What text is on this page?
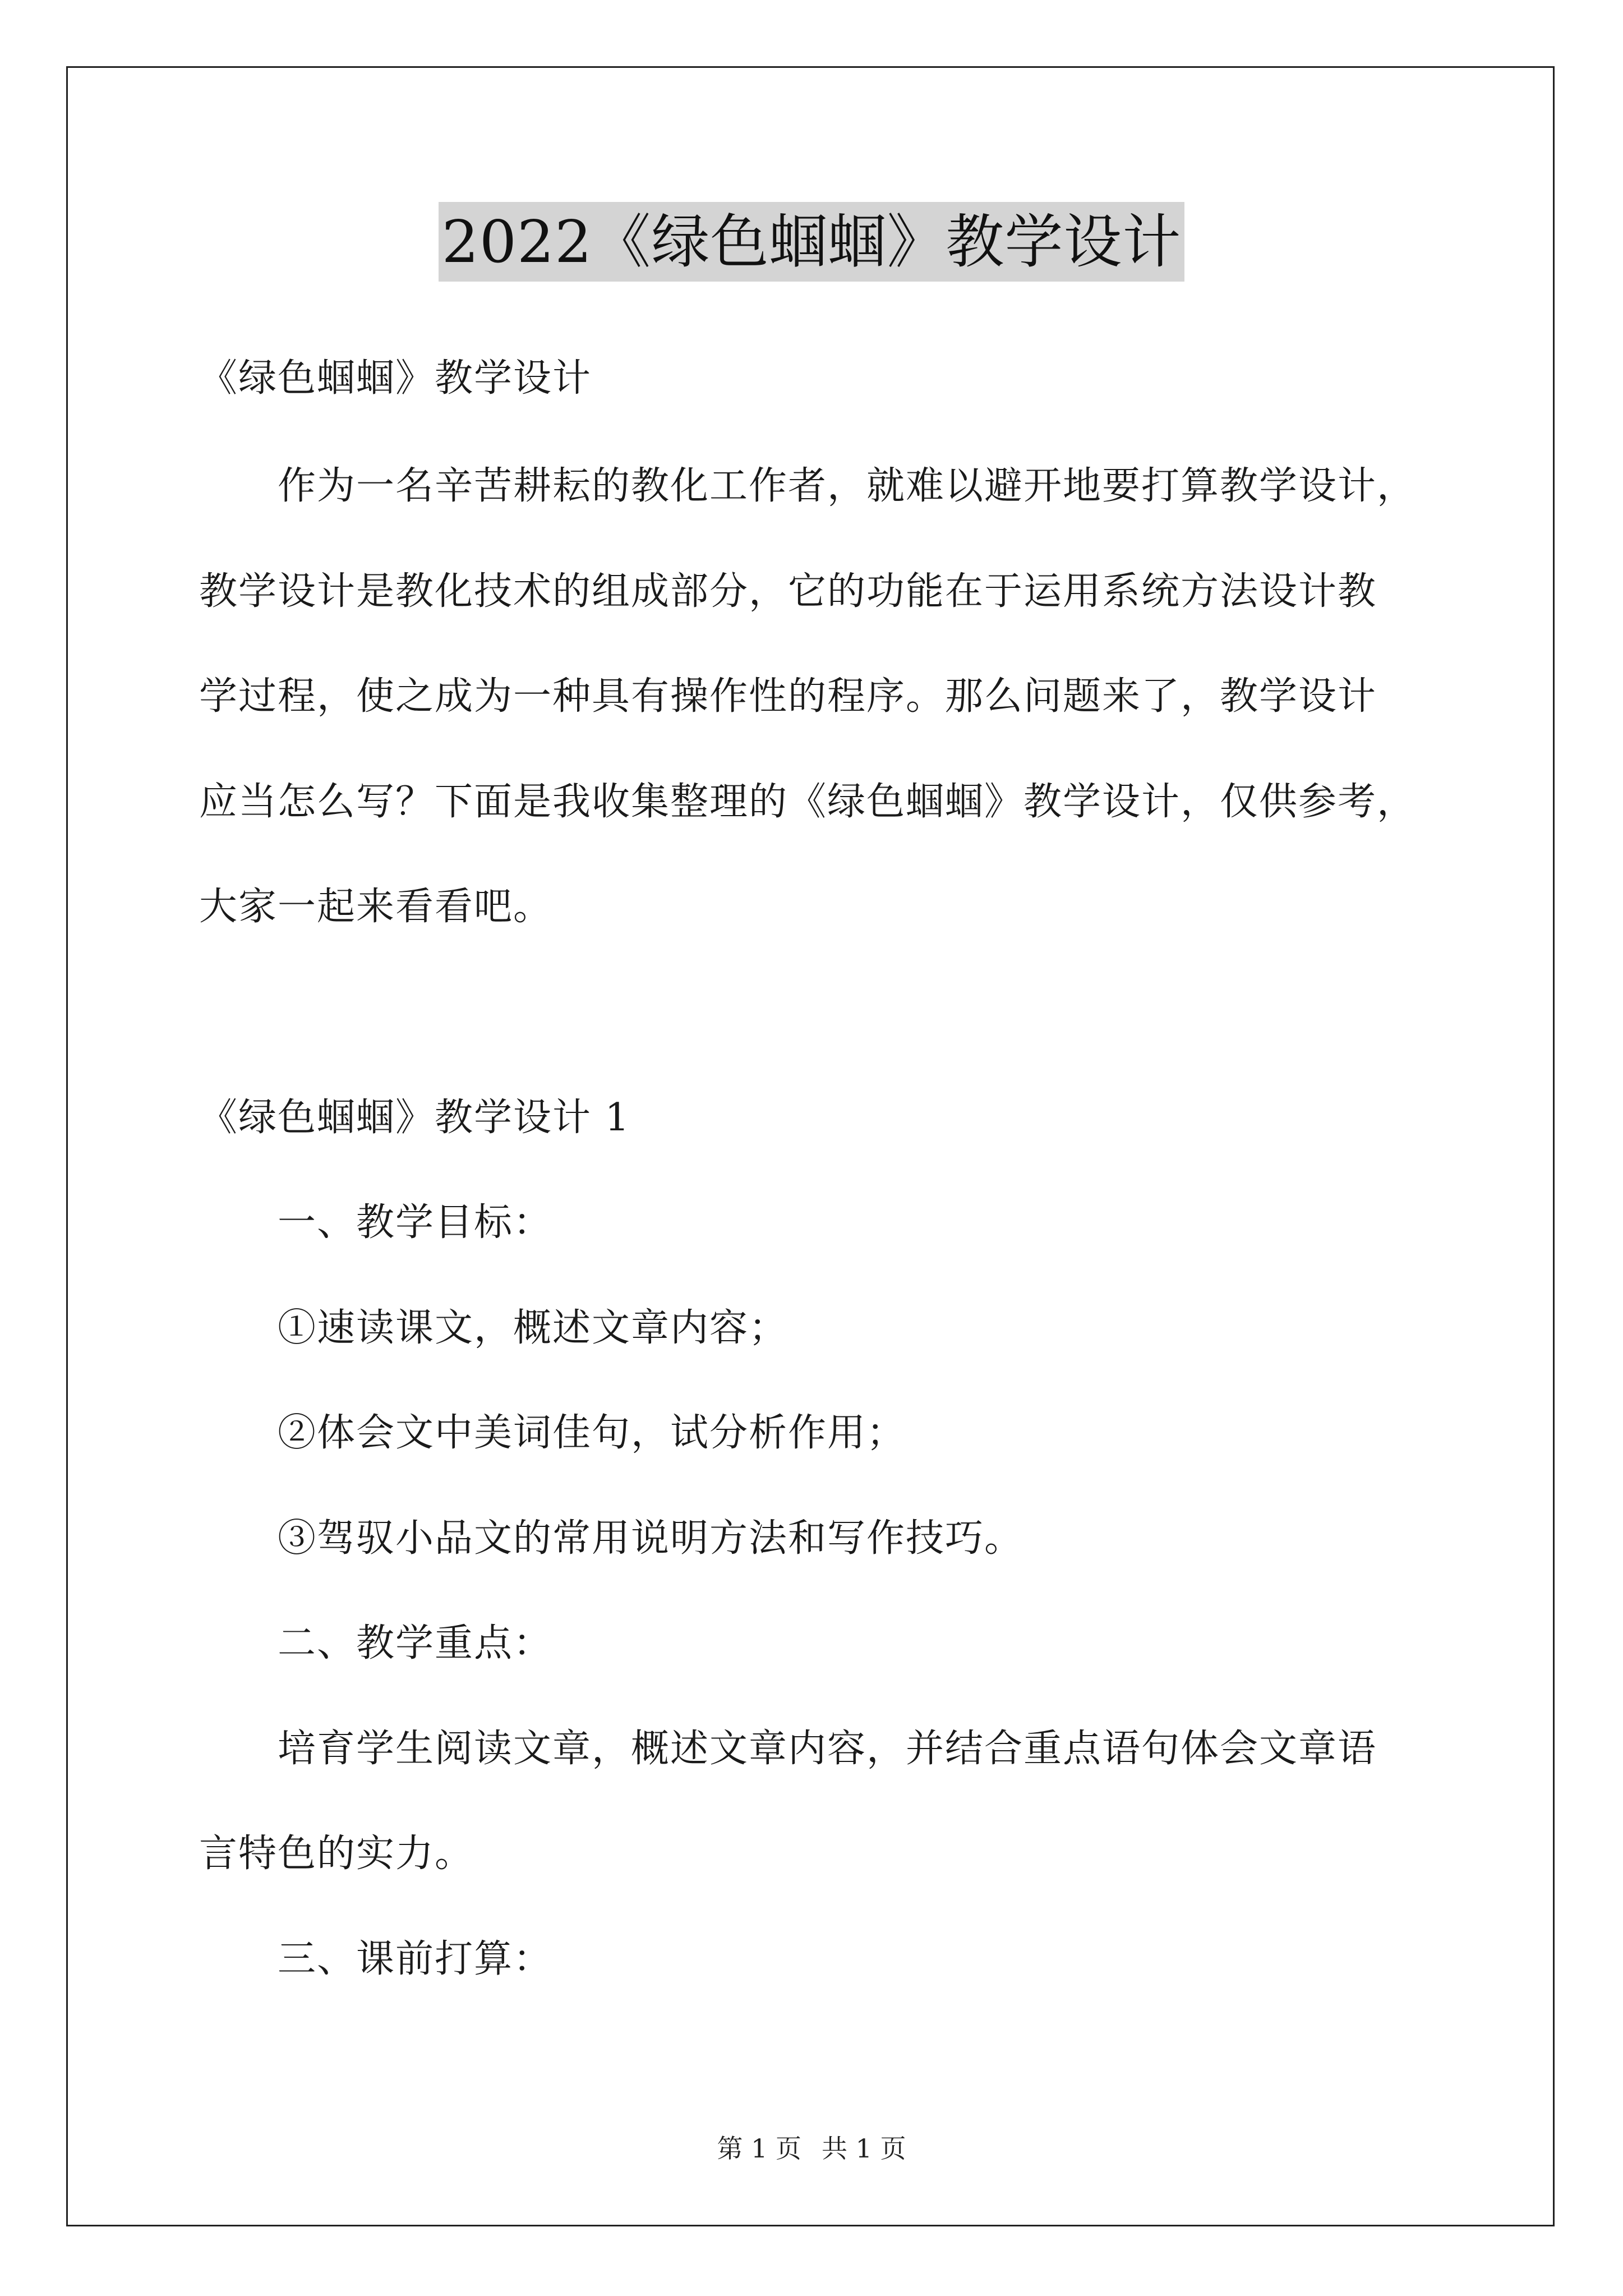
2022《绿色蝈蝈》教学设计
《绿色蝈蝈》教学设计
作为一名辛苦耕耘的教化工作者，就难以避开地要打算教学设计，
教学设计是教化技术的组成部分，它的功能在于运用系统方法设计教
学过程，使之成为一种具有操作性的程序。那么问题来了，教学设计
应当怎么写？下面是我收集整理的《绿色蝈蝈》教学设计，仅供参考，
大家一起来看看吧。
《绿色蝈蝈》教学设计 1
一、教学目标：
①速读课文，概述文章内容；
②体会文中美词佳句，试分析作用；
③驾驭小品文的常用说明方法和写作技巧。
二、教学重点：
培育学生阅读文章，概述文章内容，并结合重点语句体会文章语
言特色的实力。
三、课前打算：
第 1 页 共 1 页
